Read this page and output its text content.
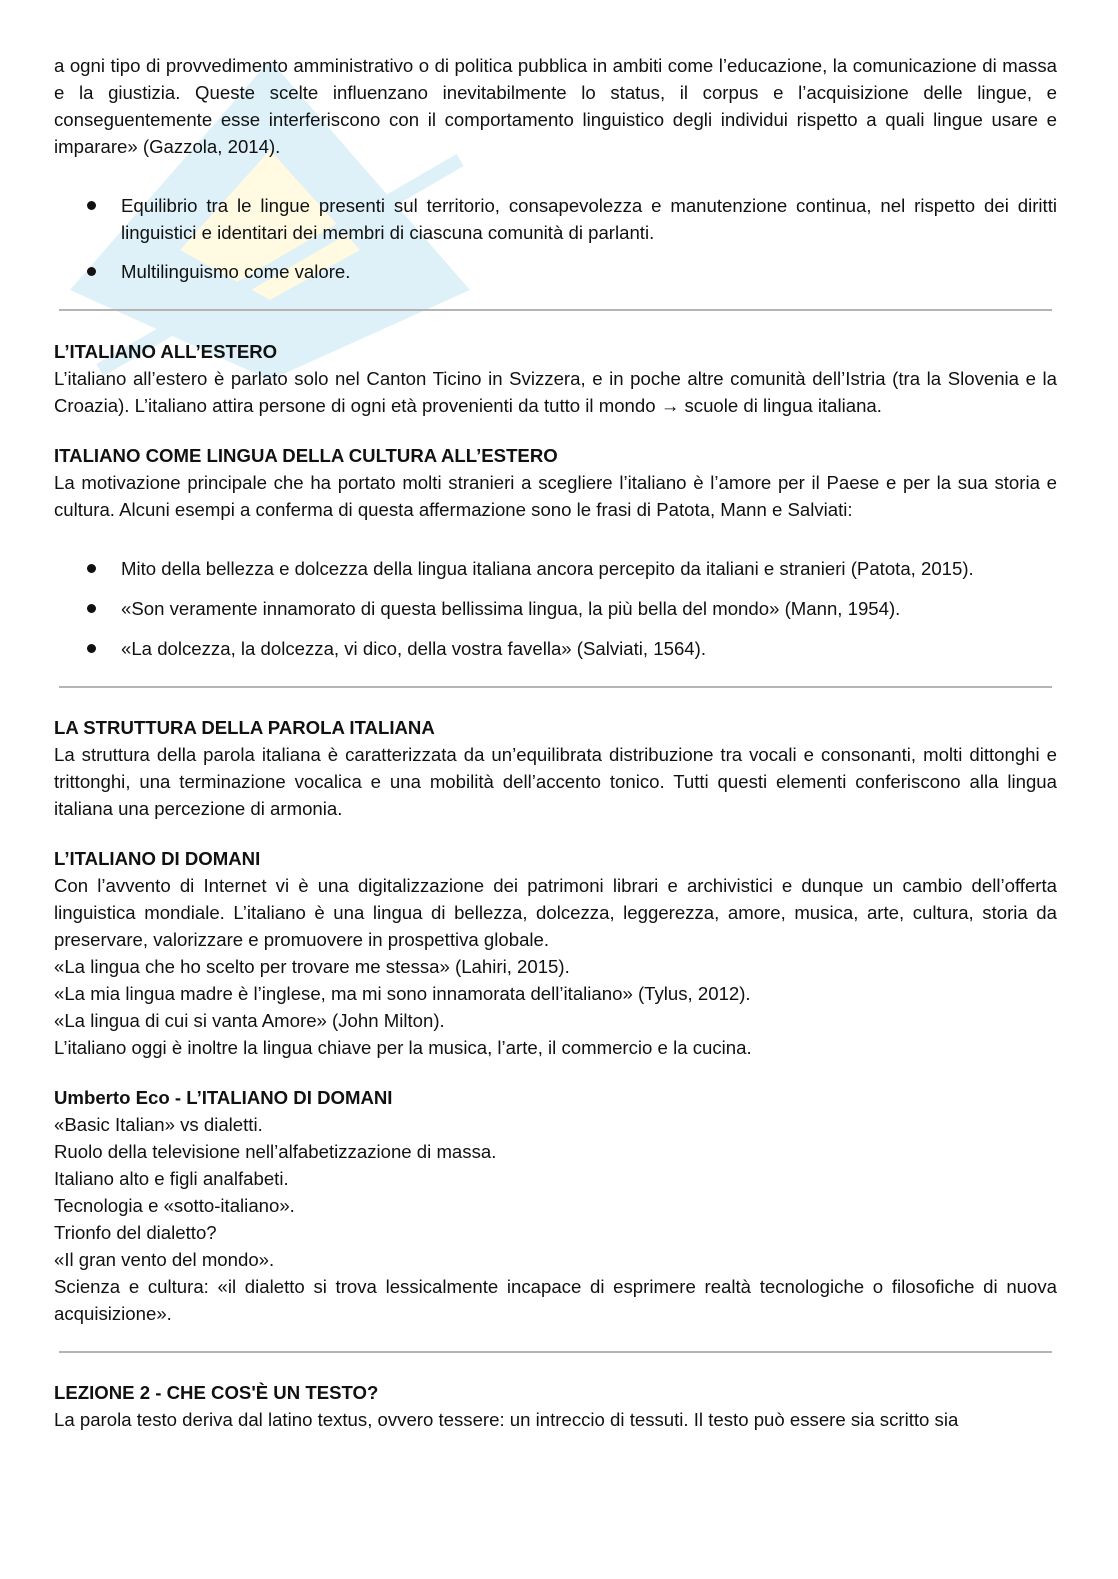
a ogni tipo di provvedimento amministrativo o di politica pubblica in ambiti come l’educazione, la comunicazione di massa e la giustizia. Queste scelte influenzano inevitabilmente lo status, il corpus e l’acquisizione delle lingue, e conseguentemente esse interferiscono con il comportamento linguistico degli individui rispetto a quali lingue usare e imparare» (Gazzola, 2014).

Equilibrio tra le lingue presenti sul territorio, consapevolezza e manutenzione continua, nel rispetto dei diritti linguistici e identitari dei membri di ciascuna comunità di parlanti.
Multilinguismo come valore.
L’ITALIANO ALL’ESTERO

L’italiano all’estero è parlato solo nel Canton Ticino in Svizzera, e in poche altre comunità dell’Istria (tra la Slovenia e la Croazia). L’italiano attira persone di ogni età provenienti da tutto il mondo → scuole di lingua italiana.

ITALIANO COME LINGUA DELLA CULTURA ALL’ESTERO

La motivazione principale che ha portato molti stranieri a scegliere l’italiano è l’amore per il Paese e per la sua storia e cultura. Alcuni esempi a conferma di questa affermazione sono le frasi di Patota, Mann e Salviati:

Mito della bellezza e dolcezza della lingua italiana ancora percepito da italiani e stranieri (Patota, 2015).
«Son veramente innamorato di questa bellissima lingua, la più bella del mondo» (Mann, 1954).
«La dolcezza, la dolcezza, vi dico, della vostra favella» (Salviati, 1564).
LA STRUTTURA DELLA PAROLA ITALIANA

La struttura della parola italiana è caratterizzata da un’equilibrata distribuzione tra vocali e consonanti, molti dittonghi e trittonghi, una terminazione vocalica e una mobilità dell’accento tonico. Tutti questi elementi conferiscono alla lingua italiana una percezione di armonia.

L’ITALIANO DI DOMANI

Con l’avvento di Internet vi è una digitalizzazione dei patrimoni librari e archivistici e dunque un cambio dell’offerta linguistica mondiale. L’italiano è una lingua di bellezza, dolcezza, leggerezza, amore, musica, arte, cultura, storia da preservare, valorizzare e promuovere in prospettiva globale.

«La lingua che ho scelto per trovare me stessa» (Lahiri, 2015).

«La mia lingua madre è l’inglese, ma mi sono innamorata dell’italiano» (Tylus, 2012).

«La lingua di cui si vanta Amore» (John Milton).

L’italiano oggi è inoltre la lingua chiave per la musica, l’arte, il commercio e la cucina.

Umberto Eco - L’ITALIANO DI DOMANI

«Basic Italian» vs dialetti.

Ruolo della televisione nell’alfabetizzazione di massa.

Italiano alto e figli analfabeti.

Tecnologia e «sotto-italiano».

Trionfo del dialetto?

«Il gran vento del mondo».

Scienza e cultura: «il dialetto si trova lessicalmente incapace di esprimere realtà tecnologiche o filosofiche di nuova acquisizione».

LEZIONE 2 - CHE COS'È UN TESTO?

La parola testo deriva dal latino textus, ovvero tessere: un intreccio di tessuti. Il testo può essere sia scritto sia
